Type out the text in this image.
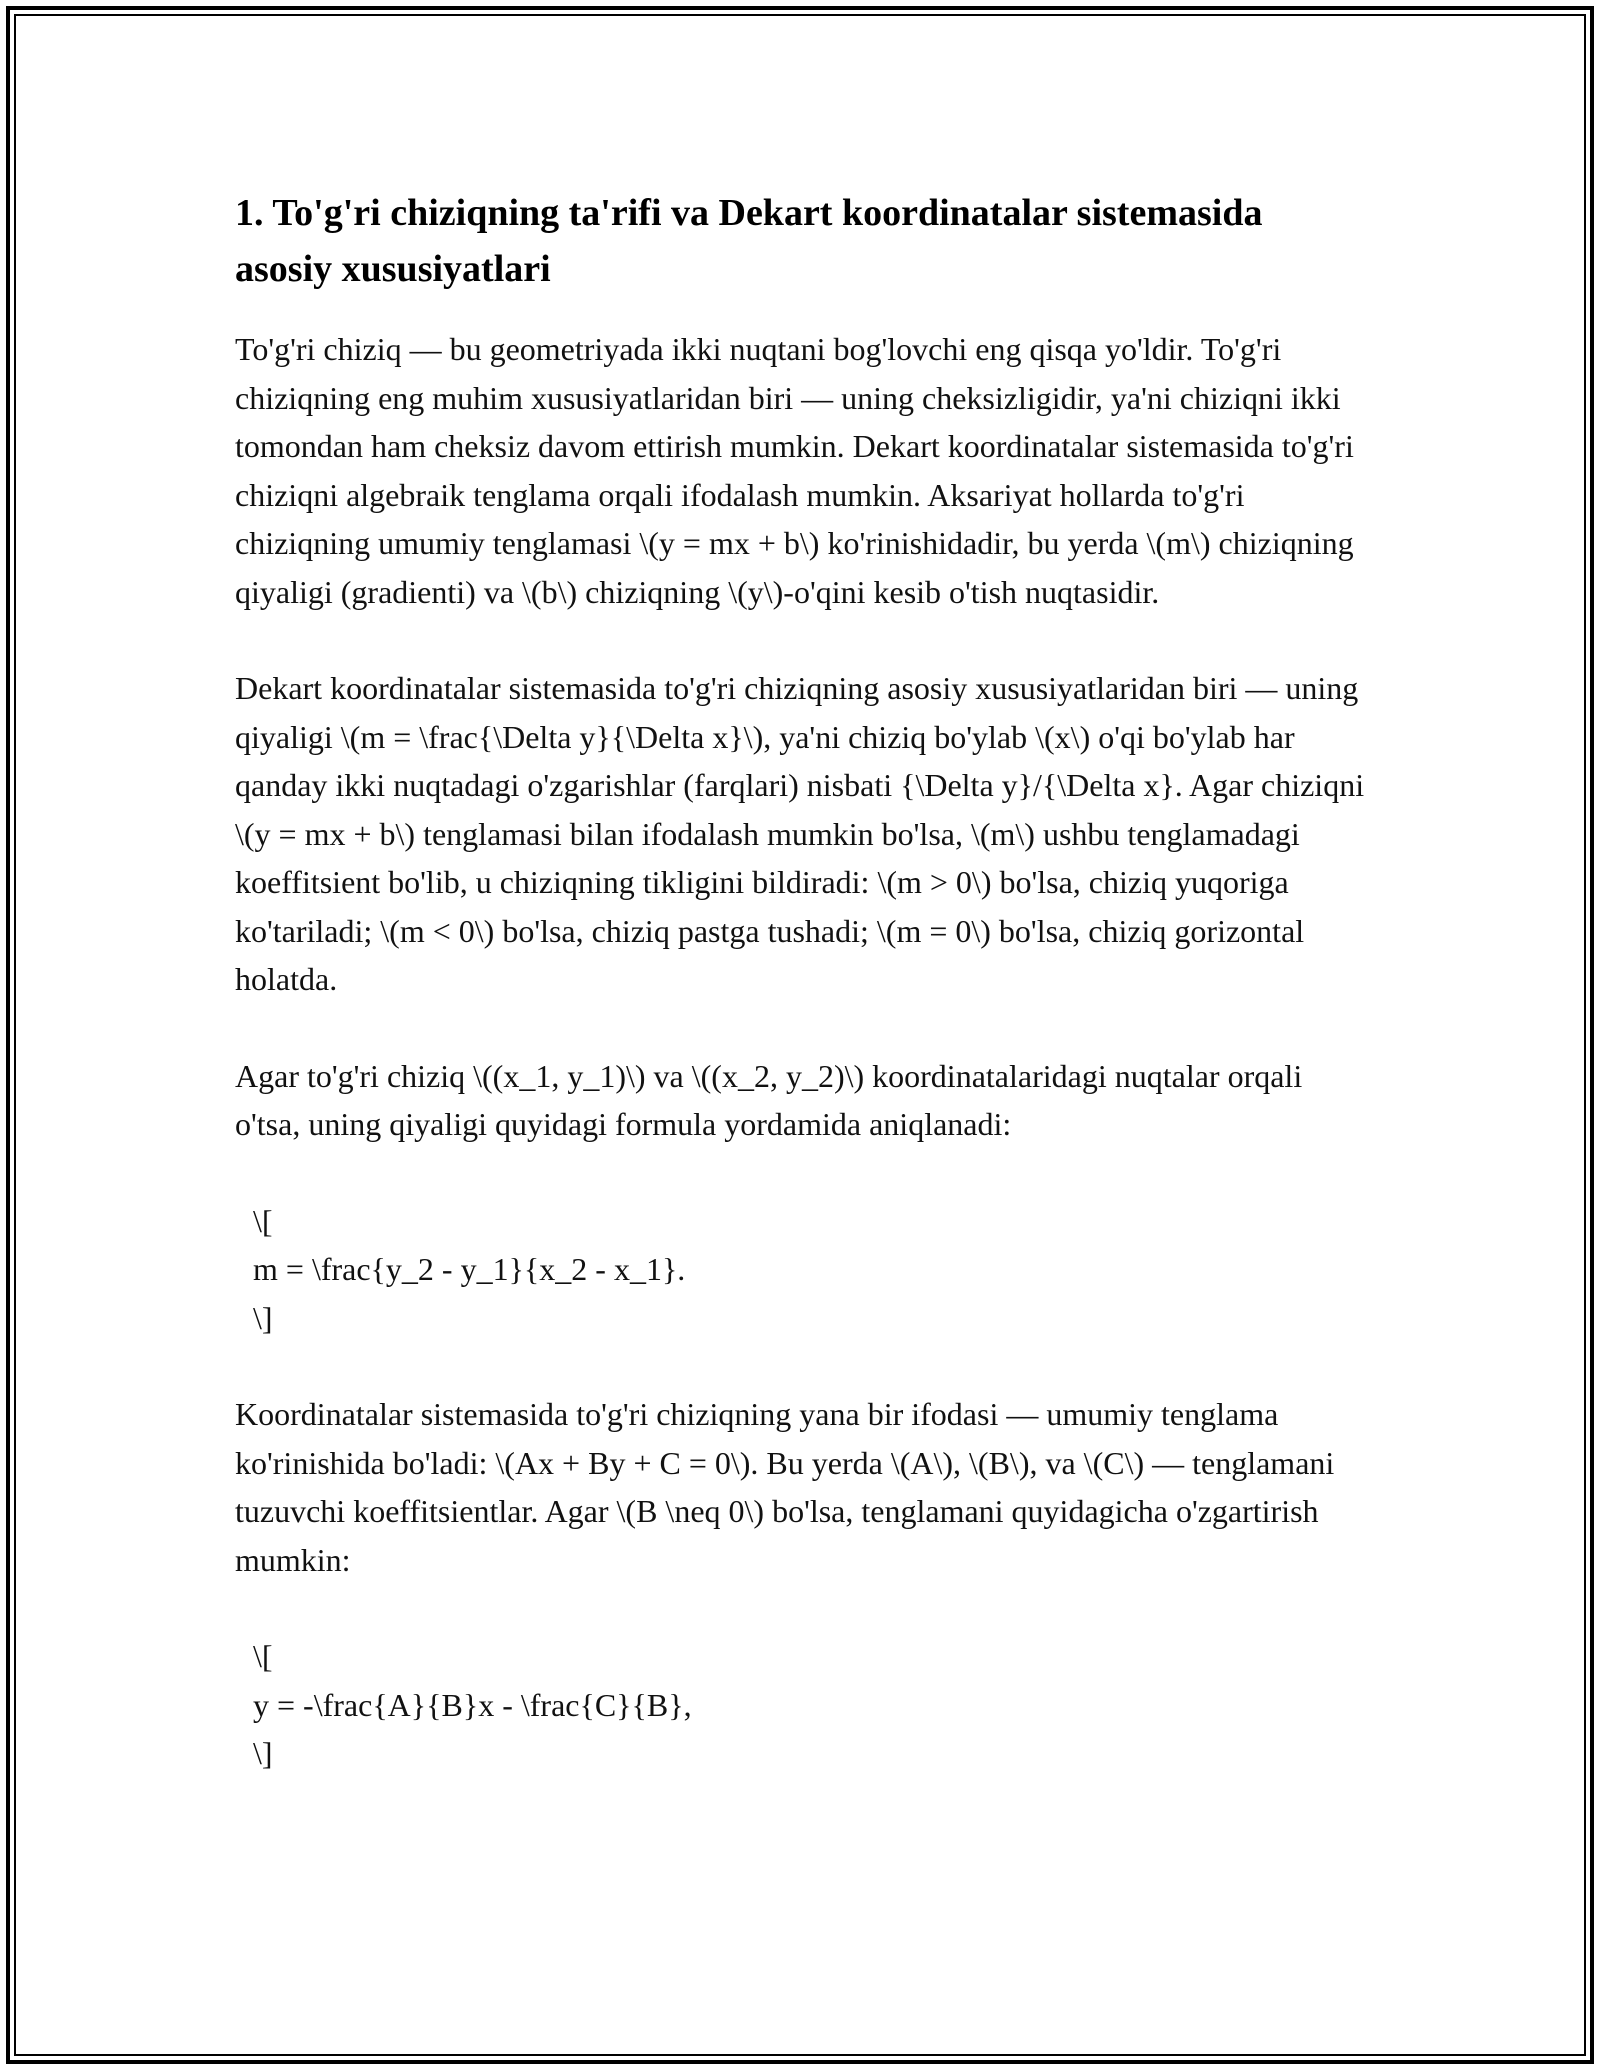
1. To'g'ri chiziqning ta'rifi va Dekart koordinatalar sistemasida asosiy xususiyatlari

To'g'ri chiziq — bu geometriyada ikki nuqtani bog'lovchi eng qisqa yo'ldir. To'g'ri chiziqning eng muhim xususiyatlaridan biri — uning cheksizligidir, ya'ni chiziqni ikki tomondan ham cheksiz davom ettirish mumkin. Dekart koordinatalar sistemasida to'g'ri chiziqni algebraik tenglama orqali ifodalash mumkin. Aksariyat hollarda to'g'ri chiziqning umumiy tenglamasi \(y = mx + b\) ko'rinishidadir, bu yerda \(m\) chiziqning qiyaligi (gradienti) va \(b\) chiziqning \(y\)-o'qini kesib o'tish nuqtasidir.

Dekart koordinatalar sistemasida to'g'ri chiziqning asosiy xususiyatlaridan biri — uning qiyaligi \(m = \frac{\Delta y}{\Delta x}\), ya'ni chiziq bo'ylab \(x\) o'qi bo'ylab har qanday ikki nuqtadagi o'zgarishlar (farqlari) nisbati {\Delta y}/{\Delta x}. Agar chiziqni \(y = mx + b\) tenglamasi bilan ifodalash mumkin bo'lsa, \(m\) ushbu tenglamadagi koeffitsient bo'lib, u chiziqning tikligini bildiradi: \(m > 0\) bo'lsa, chiziq yuqoriga ko'tariladi; \(m < 0\) bo'lsa, chiziq pastga tushadi; \(m = 0\) bo'lsa, chiziq gorizontal holatda.

Agar to'g'ri chiziq \((x_1, y_1)\) va \((x_2, y_2)\) koordinatalaridagi nuqtalar orqali o'tsa, uning qiyaligi quyidagi formula yordamida aniqlanadi:

\[
m = \frac{y_2 - y_1}{x_2 - x_1}.
\]

Koordinatalar sistemasida to'g'ri chiziqning yana bir ifodasi — umumiy tenglama ko'rinishida bo'ladi: \(Ax + By + C = 0\). Bu yerda \(A\), \(B\), va \(C\) — tenglamani tuzuvchi koeffitsientlar. Agar \(B \neq 0\) bo'lsa, tenglamani quyidagicha o'zgartirish mumkin:

\[
y = -\frac{A}{B}x - \frac{C}{B},
\]
